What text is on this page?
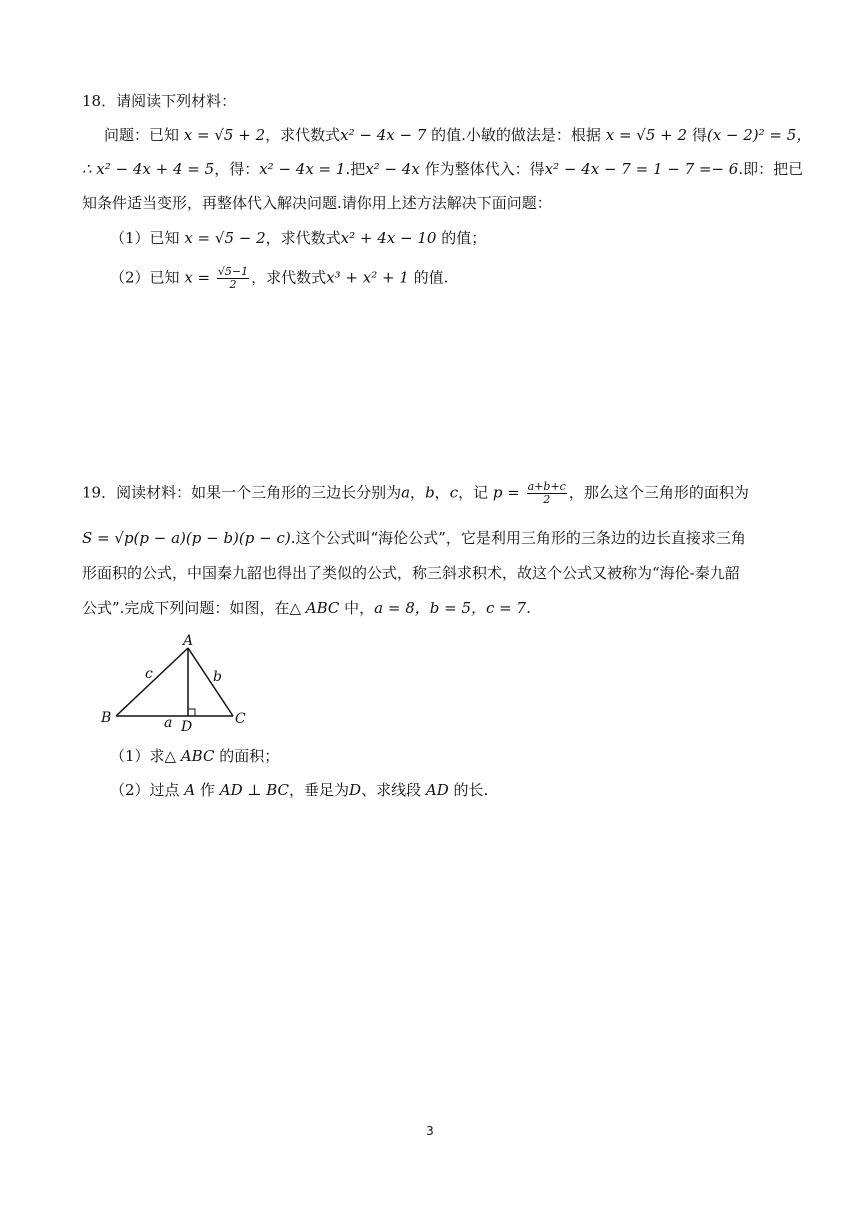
18．请阅读下列材料：
问题：已知 x = √5 + 2，求代数式x² − 4x − 7 的值.小敏的做法是：根据 x = √5 + 2 得(x − 2)² = 5，
∴ x² − 4x + 4 = 5，得：x² − 4x = 1.把x² − 4x 作为整体代入：得x² − 4x − 7 = 1 − 7 =− 6.即：把已
知条件适当变形，再整体代入解决问题.请你用上述方法解决下面问题：
（1）已知 x = √5 − 2，求代数式x² + 4x − 10 的值；
（2）已知 $x = \frac{√5-1}{2}$ ，求代数式x³ + x² + 1 的值.
19．阅读材料：如果一个三角形的三边长分别为a，b，c，记 $p = \frac{a+b+c}{2}$ ，那么这个三角形的面积为
S = √p(p − a)(p − b)(p − c).这个公式叫“海伦公式”，它是利用三角形的三条边的边长直接求三角
形面积的公式，中国秦九韶也得出了类似的公式，称三斜求积术，故这个公式又被称为“海伦-秦九韶
公式”.完成下列问题：如图，在△ ABC 中，a = 8，b = 5，c = 7.
A
B	C
D
c	b
a
（1）求△ ABC 的面积；
（2）过点 A 作 AD ⊥ BC，垂足为D、求线段 AD 的长.
3
